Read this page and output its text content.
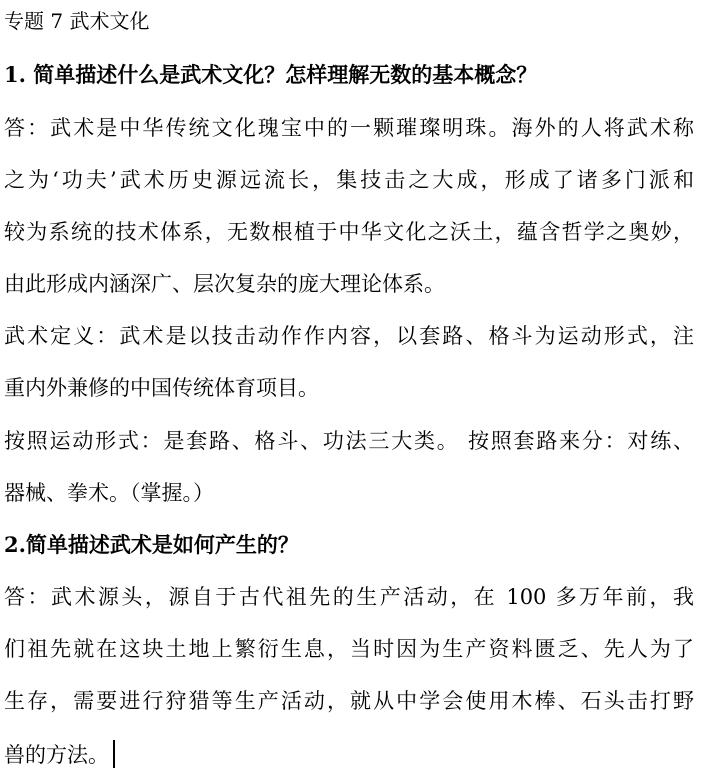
专题 7 武术文化
1. 简单描述什么是武术文化？怎样理解无数的基本概念？
答：武术是中华传统文化瑰宝中的一颗璀璨明珠。海外的人将武术称
之为‘功夫’武术历史源远流长，集技击之大成，形成了诸多门派和
较为系统的技术体系，无数根植于中华文化之沃土，蕴含哲学之奥妙，
由此形成内涵深广、层次复杂的庞大理论体系。
武术定义：武术是以技击动作作内容，以套路、格斗为运动形式，注
重内外兼修的中国传统体育项目。
按照运动形式：是套路、格斗、功法三大类。 按照套路来分：对练、
器械、拳术。（掌握。）
2.简单描述武术是如何产生的？
答：武术源头，源自于古代祖先的生产活动，在 100 多万年前，我
们祖先就在这块土地上繁衍生息，当时因为生产资料匮乏、先人为了
生存，需要进行狩猎等生产活动，就从中学会使用木棒、石头击打野
兽的方法。
